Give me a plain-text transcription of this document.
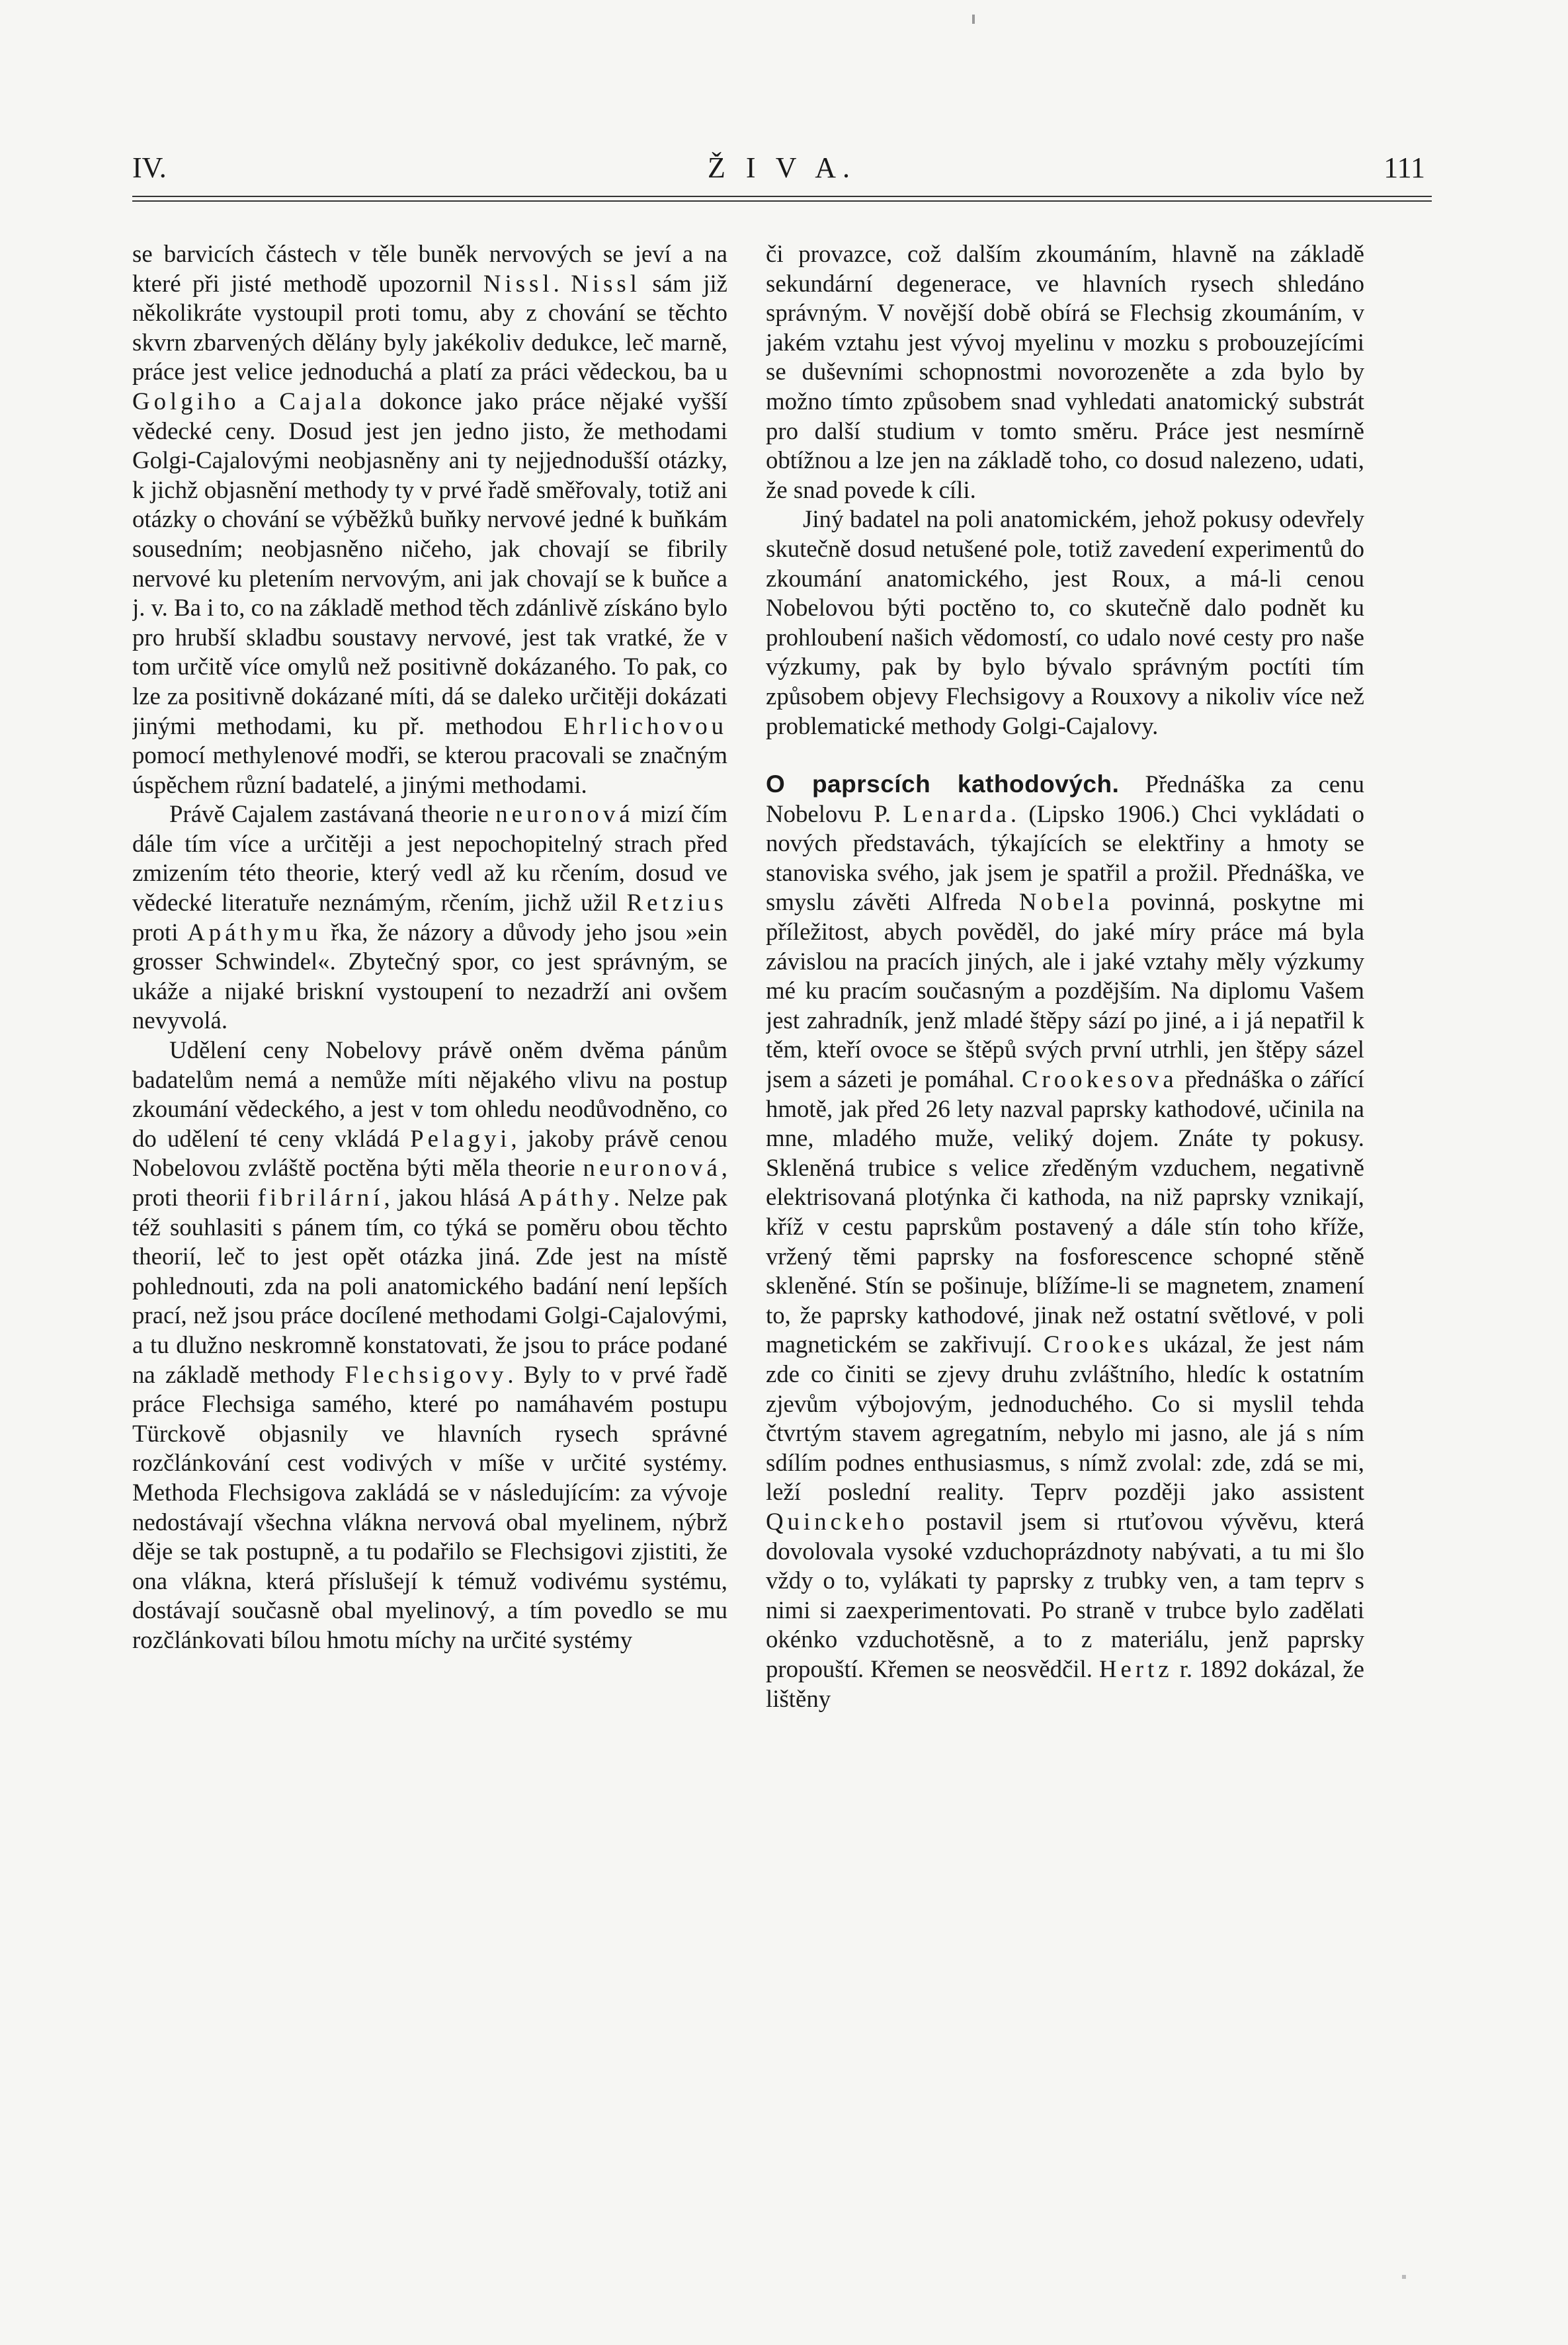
IV.	Ž I V A.	111

se barvicích částech v těle buněk nervových se jeví a na které při jisté methodě upozornil Nissl. Nissl sám již několikráte vystoupil proti tomu, aby z chování se těchto skvrn zbarvených dělány byly jakékoliv dedukce, leč marně, práce jest velice jednoduchá a platí za práci vědeckou, ba u Golgiho a Cajala dokonce jako práce nějaké vyšší vědecké ceny. Dosud jest jen jedno jisto, že methodami Golgi-Cajalovými neobjasněny ani ty nejjednodušší otázky, k jichž objasnění methody ty v prvé řadě směřovaly, totiž ani otázky o chování se výběžků buňky nervové jedné k buňkám sousedním; neobjasněno ničeho, jak chovají se fibrily nervové ku pletením nervovým, ani jak chovají se k buňce a j. v. Ba i to, co na základě method těch zdánlivě získáno bylo pro hrubší skladbu soustavy nervové, jest tak vratké, že v tom určitě více omylů než positivně dokázaného. To pak, co lze za positivně dokázané míti, dá se daleko určitěji dokázati jinými methodami, ku př. methodou Ehrlichovou pomocí methylenové modři, se kterou pracovali se značným úspěchem různí badatelé, a jinými methodami.

Právě Cajalem zastávaná theorie neuronová mizí čím dále tím více a určitěji a jest nepochopitelný strach před zmizením této theorie, který vedl až ku rčením, dosud ve vědecké literatuře neznámým, rčením, jichž užil Retzius proti Apáthymu řka, že názory a důvody jeho jsou »ein grosser Schwindel«. Zbytečný spor, co jest správným, se ukáže a nijaké briskní vystoupení to nezadrží ani ovšem nevyvolá.

Udělení ceny Nobelovy právě oněm dvěma pánům badatelům nemá a nemůže míti nějakého vlivu na postup zkoumání vědeckého, a jest v tom ohledu neodůvodněno, co do udělení té ceny vkládá Pelagyi, jakoby právě cenou Nobelovou zvláště poctěna býti měla theorie neuronová, proti theorii fibrilární, jakou hlásá Apáthy. Nelze pak též souhlasiti s pánem tím, co týká se poměru obou těchto theorií, leč to jest opět otázka jiná. Zde jest na místě pohlednouti, zda na poli anatomického badání není lepších prací, než jsou práce docílené methodami Golgi-Cajalovými, a tu dlužno neskromně konstatovati, že jsou to práce podané na základě methody Flechsigovy. Byly to v prvé řadě práce Flechsiga samého, které po namáhavém postupu Türckově objasnily ve hlavních rysech správné rozčlánkování cest vodivých v míše v určité systémy. Methoda Flechsigova zakládá se v následujícím: za vývoje nedostávají všechna vlákna nervová obal myelinem, nýbrž děje se tak postupně, a tu podařilo se Flechsigovi zjistiti, že ona vlákna, která příslušejí k témuž vodivému systému, dostávají současně obal myelinový, a tím povedlo se mu rozčlánkovati bílou hmotu míchy na určité systémy

či provazce, což dalším zkoumáním, hlavně na základě sekundární degenerace, ve hlavních rysech shledáno správným. V novější době obírá se Flechsig zkoumáním, v jakém vztahu jest vývoj myelinu v mozku s probouzejícími se duševními schopnostmi novorozeněte a zda bylo by možno tímto způsobem snad vyhledati anatomický substrát pro další studium v tomto směru. Práce jest nesmírně obtížnou a lze jen na základě toho, co dosud nalezeno, udati, že snad povede k cíli.

Jiný badatel na poli anatomickém, jehož pokusy odevřely skutečně dosud netušené pole, totiž zavedení experimentů do zkoumání anatomického, jest Roux, a má-li cenou Nobelovou býti poctěno to, co skutečně dalo podnět ku prohloubení našich vědomostí, co udalo nové cesty pro naše výzkumy, pak by bylo bývalo správným poctíti tím způsobem objevy Flechsigovy a Rouxovy a nikoliv více než problematické methody Golgi-Cajalovy.

O paprscích kathodových. Přednáška za cenu Nobelovu P. Lenarda. (Lipsko 1906.) Chci vykládati o nových představách, týkajících se elektřiny a hmoty se stanoviska svého, jak jsem je spatřil a prožil. Přednáška, ve smyslu závěti Alfreda Nobela povinná, poskytne mi příležitost, abych pověděl, do jaké míry práce má byla závislou na pracích jiných, ale i jaké vztahy měly výzkumy mé ku pracím současným a pozdějším. Na diplomu Vašem jest zahradník, jenž mladé štěpy sází po jiné, a i já nepatřil k těm, kteří ovoce se štěpů svých první utrhli, jen štěpy sázel jsem a sázeti je pomáhal. Crookesova přednáška o zářící hmotě, jak před 26 lety nazval paprsky kathodové, učinila na mne, mladého muže, veliký dojem. Znáte ty pokusy. Skleněná trubice s velice zředěným vzduchem, negativně elektrisovaná plotýnka či kathoda, na niž paprsky vznikají, kříž v cestu paprskům postavený a dále stín toho kříže, vržený těmi paprsky na fosforescence schopné stěně skleněné. Stín se pošinuje, blížíme-li se magnetem, znamení to, že paprsky kathodové, jinak než ostatní světlové, v poli magnetickém se zakřivují. Crookes ukázal, že jest nám zde co činiti se zjevy druhu zvláštního, hledíc k ostatním zjevům výbojovým, jednoduchého. Co si myslil tehda čtvrtým stavem agregatním, nebylo mi jasno, ale já s ním sdílím podnes enthusiasmus, s nímž zvolal: zde, zdá se mi, leží poslední reality. Teprv později jako assistent Quinckeho postavil jsem si rtuťovou vývěvu, která dovolovala vysoké vzduchoprázdnoty nabývati, a tu mi šlo vždy o to, vylákati ty paprsky z trubky ven, a tam teprv s nimi si zaexperimentovati. Po straně v trubce bylo zadělati okénko vzduchotěsně, a to z materiálu, jenž paprsky propouští. Křemen se neosvědčil. Hertz r. 1892 dokázal, že lištěny
